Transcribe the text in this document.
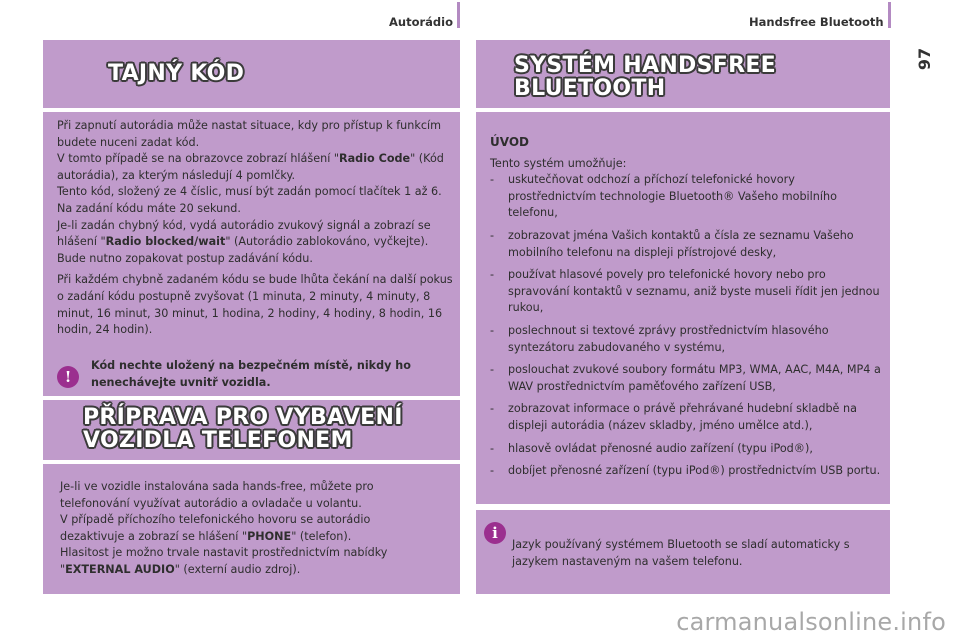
Autorádio	Handsfree Bluetooth
97
TAJNÝ KÓD

Při zapnutí autorádia může nastat situace, kdy pro přístup k funkcím budete nuceni zadat kód.
V tomto případě se na obrazovce zobrazí hlášení "Radio Code" (Kód autorádia), za kterým následují 4 pomlčky.
Tento kód, složený ze 4 číslic, musí být zadán pomocí tlačítek 1 až 6.
Na zadání kódu máte 20 sekund.
Je-li zadán chybný kód, vydá autorádio zvukový signál a zobrazí se hlášení "Radio blocked/wait" (Autorádio zablokováno, vyčkejte). Bude nutno zopakovat postup zadávání kódu.

Při každém chybně zadaném kódu se bude lhůta čekání na další pokus o zadání kódu postupně zvyšovat (1 minuta, 2 minuty, 4 minuty, 8 minut, 16 minut, 30 minut, 1 hodina, 2 hodiny, 4 hodiny, 8 hodin, 16 hodin, 24 hodin).

!
Kód nechte uložený na bezpečném místě, nikdy ho nenechávejte uvnitř vozidla.
PŘÍPRAVA PRO VYBAVENÍ
VOZIDLA TELEFONEM

Je-li ve vozidle instalována sada hands-free, můžete pro telefonování využívat autorádio a ovladače u volantu.
V případě příchozího telefonického hovoru se autorádio dezaktivuje a zobrazí se hlášení "PHONE" (telefon).
Hlasitost je možno trvale nastavit prostřednictvím nabídky "EXTERNAL AUDIO" (externí audio zdroj).

SYSTÉM HANDSFREE
BLUETOOTH
ÚVOD
Tento systém umožňuje:
-	uskutečňovat odchozí a příchozí telefonické hovory prostřednictvím technologie Bluetooth® Vašeho mobilního telefonu,
-	zobrazovat jména Vašich kontaktů a čísla ze seznamu Vašeho mobilního telefonu na displeji přístrojové desky,
-	používat hlasové povely pro telefonické hovory nebo pro spravování kontaktů v seznamu, aniž byste museli řídit jen jednou rukou,
-	poslechnout si textové zprávy prostřednictvím hlasového syntezátoru zabudovaného v systému,
-	poslouchat zvukové soubory formátu MP3, WMA, AAC, M4A, MP4 a WAV prostřednictvím paměťového zařízení USB,
-	zobrazovat informace o právě přehrávané hudební skladbě na displeji autorádia (název skladby, jméno umělce atd.),
-	hlasově ovládat přenosné audio zařízení (typu iPod®),
-	dobíjet přenosné zařízení (typu iPod®) prostřednictvím USB portu.
i
Jazyk používaný systémem Bluetooth se sladí automaticky s jazykem nastaveným na vašem telefonu.
carmanualsonline.info
